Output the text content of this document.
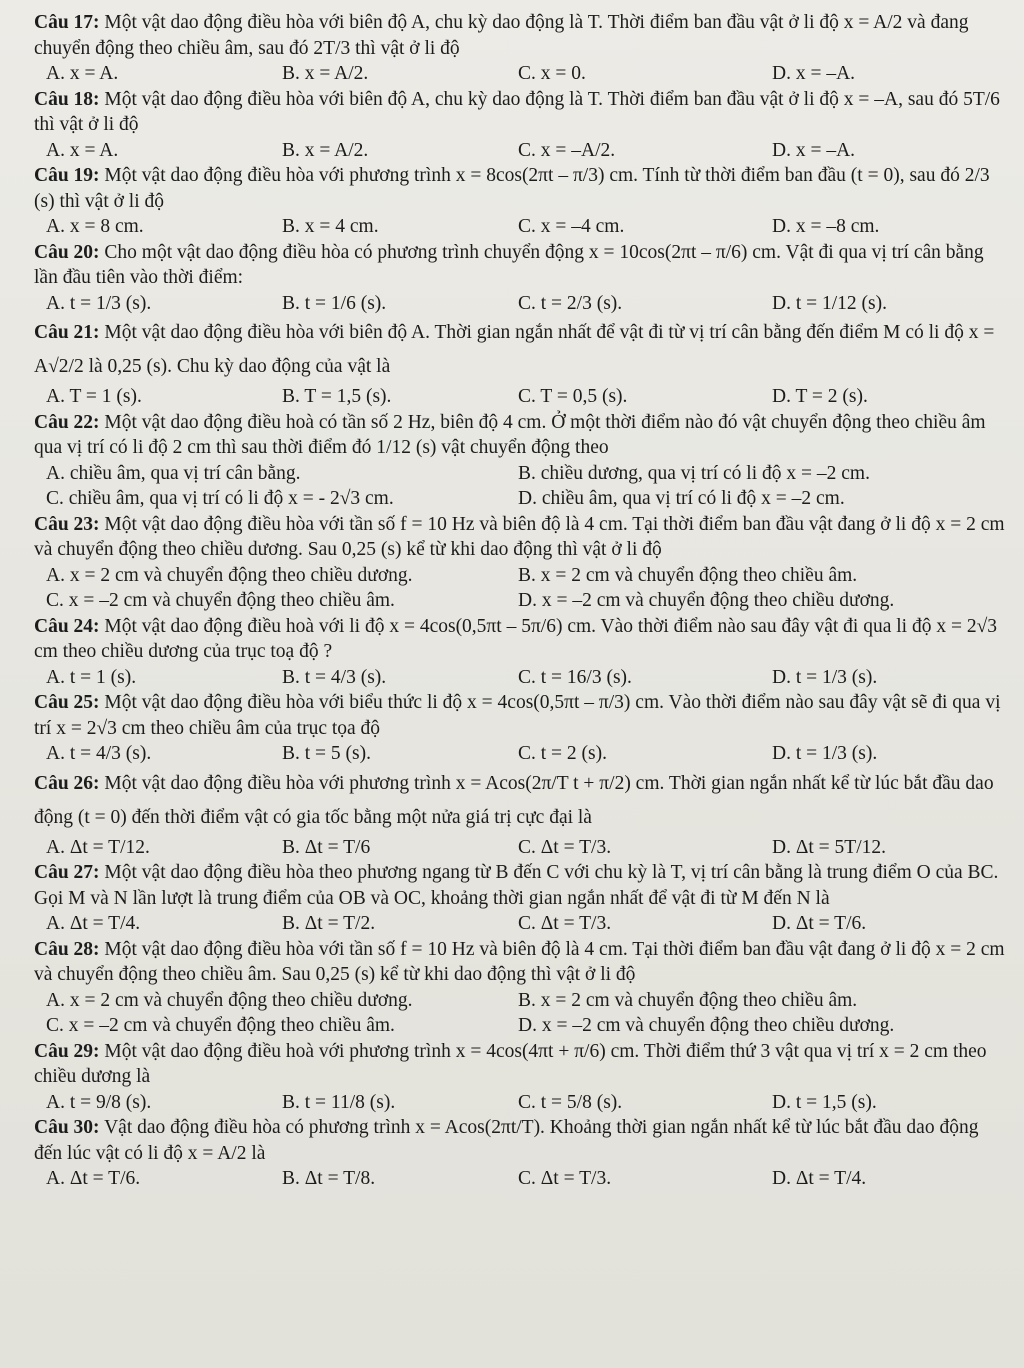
Câu 17: Một vật dao động điều hòa với biên độ A, chu kỳ dao động là T. Thời điểm ban đầu vật ở li độ x = A/2 và đang chuyển động theo chiều âm, sau đó 2T/3 thì vật ở li độ

A. x = A.	B. x = A/2.	C. x = 0.	D. x = –A.

Câu 18: Một vật dao động điều hòa với biên độ A, chu kỳ dao động là T. Thời điểm ban đầu vật ở li độ x = –A, sau đó 5T/6 thì vật ở li độ

A. x = A.	B. x = A/2.	C. x = –A/2.	D. x = –A.

Câu 19: Một vật dao động điều hòa với phương trình x = 8cos(2πt – π/3) cm. Tính từ thời điểm ban đầu (t = 0), sau đó 2/3 (s) thì vật ở li độ

A. x = 8 cm.	B. x = 4 cm.	C. x = –4 cm.	D. x = –8 cm.

Câu 20: Cho một vật dao động điều hòa có phương trình chuyển động x = 10cos(2πt – π/6) cm. Vật đi qua vị trí cân bằng lần đầu tiên vào thời điểm:

A. t = 1/3 (s).	B. t = 1/6 (s).	C. t = 2/3 (s).	D. t = 1/12 (s).

Câu 21: Một vật dao động điều hòa với biên độ A. Thời gian ngắn nhất để vật đi từ vị trí cân bằng đến điểm M có li độ x = A√2/2 là 0,25 (s). Chu kỳ dao động của vật là

A. T = 1 (s).	B. T = 1,5 (s).	C. T = 0,5 (s).	D. T = 2 (s).

Câu 22: Một vật dao động điều hoà có tần số 2 Hz, biên độ 4 cm. Ở một thời điểm nào đó vật chuyển động theo chiều âm qua vị trí có li độ 2 cm thì sau thời điểm đó 1/12 (s) vật chuyển động theo

A. chiều âm, qua vị trí cân bằng.	B. chiều dương, qua vị trí có li độ x = –2 cm.
C. chiều âm, qua vị trí có li độ x = - 2√3 cm.	D. chiều âm, qua vị trí có li độ x = –2 cm.

Câu 23: Một vật dao động điều hòa với tần số f = 10 Hz và biên độ là 4 cm. Tại thời điểm ban đầu vật đang ở li độ x = 2 cm và chuyển động theo chiều dương. Sau 0,25 (s) kể từ khi dao động thì vật ở li độ

A. x = 2 cm và chuyển động theo chiều dương.	B. x = 2 cm và chuyển động theo chiều âm.
C. x = –2 cm và chuyển động theo chiều âm.	D. x = –2 cm và chuyển động theo chiều dương.

Câu 24: Một vật dao động điều hoà với li độ x = 4cos(0,5πt – 5π/6) cm. Vào thời điểm nào sau đây vật đi qua li độ x = 2√3 cm theo chiều dương của trục toạ độ ?

A. t = 1 (s).	B. t = 4/3 (s).	C. t = 16/3 (s).	D. t = 1/3 (s).

Câu 25: Một vật dao động điều hòa với biểu thức li độ x = 4cos(0,5πt – π/3) cm. Vào thời điểm nào sau đây vật sẽ đi qua vị trí x = 2√3 cm theo chiều âm của trục tọa độ

A. t = 4/3 (s).	B. t = 5 (s).	C. t = 2 (s).	D. t = 1/3 (s).

Câu 26: Một vật dao động điều hòa với phương trình x = Acos(2π/T t + π/2) cm. Thời gian ngắn nhất kể từ lúc bắt đầu dao động (t = 0) đến thời điểm vật có gia tốc bằng một nửa giá trị cực đại là

A. Δt = T/12.	B. Δt = T/6	C. Δt = T/3.	D. Δt = 5T/12.

Câu 27: Một vật dao động điều hòa theo phương ngang từ B đến C với chu kỳ là T, vị trí cân bằng là trung điểm O của BC. Gọi M và N lần lượt là trung điểm của OB và OC, khoảng thời gian ngắn nhất để vật đi từ M đến N là

A. Δt = T/4.	B. Δt = T/2.	C. Δt = T/3.	D. Δt = T/6.

Câu 28: Một vật dao động điều hòa với tần số f = 10 Hz và biên độ là 4 cm. Tại thời điểm ban đầu vật đang ở li độ x = 2 cm và chuyển động theo chiều âm. Sau 0,25 (s) kể từ khi dao động thì vật ở li độ

A. x = 2 cm và chuyển động theo chiều dương.	B. x = 2 cm và chuyển động theo chiều âm.
C. x = –2 cm và chuyển động theo chiều âm.	D. x = –2 cm và chuyển động theo chiều dương.

Câu 29: Một vật dao động điều hoà với phương trình x = 4cos(4πt + π/6) cm. Thời điểm thứ 3 vật qua vị trí x = 2 cm theo chiều dương là

A. t = 9/8 (s).	B. t = 11/8 (s).	C. t = 5/8 (s).	D. t = 1,5 (s).

Câu 30: Vật dao động điều hòa có phương trình x = Acos(2πt/T). Khoảng thời gian ngắn nhất kể từ lúc bắt đầu dao động đến lúc vật có li độ x = A/2 là

A. Δt = T/6.	B. Δt = T/8.	C. Δt = T/3.	D. Δt = T/4.
